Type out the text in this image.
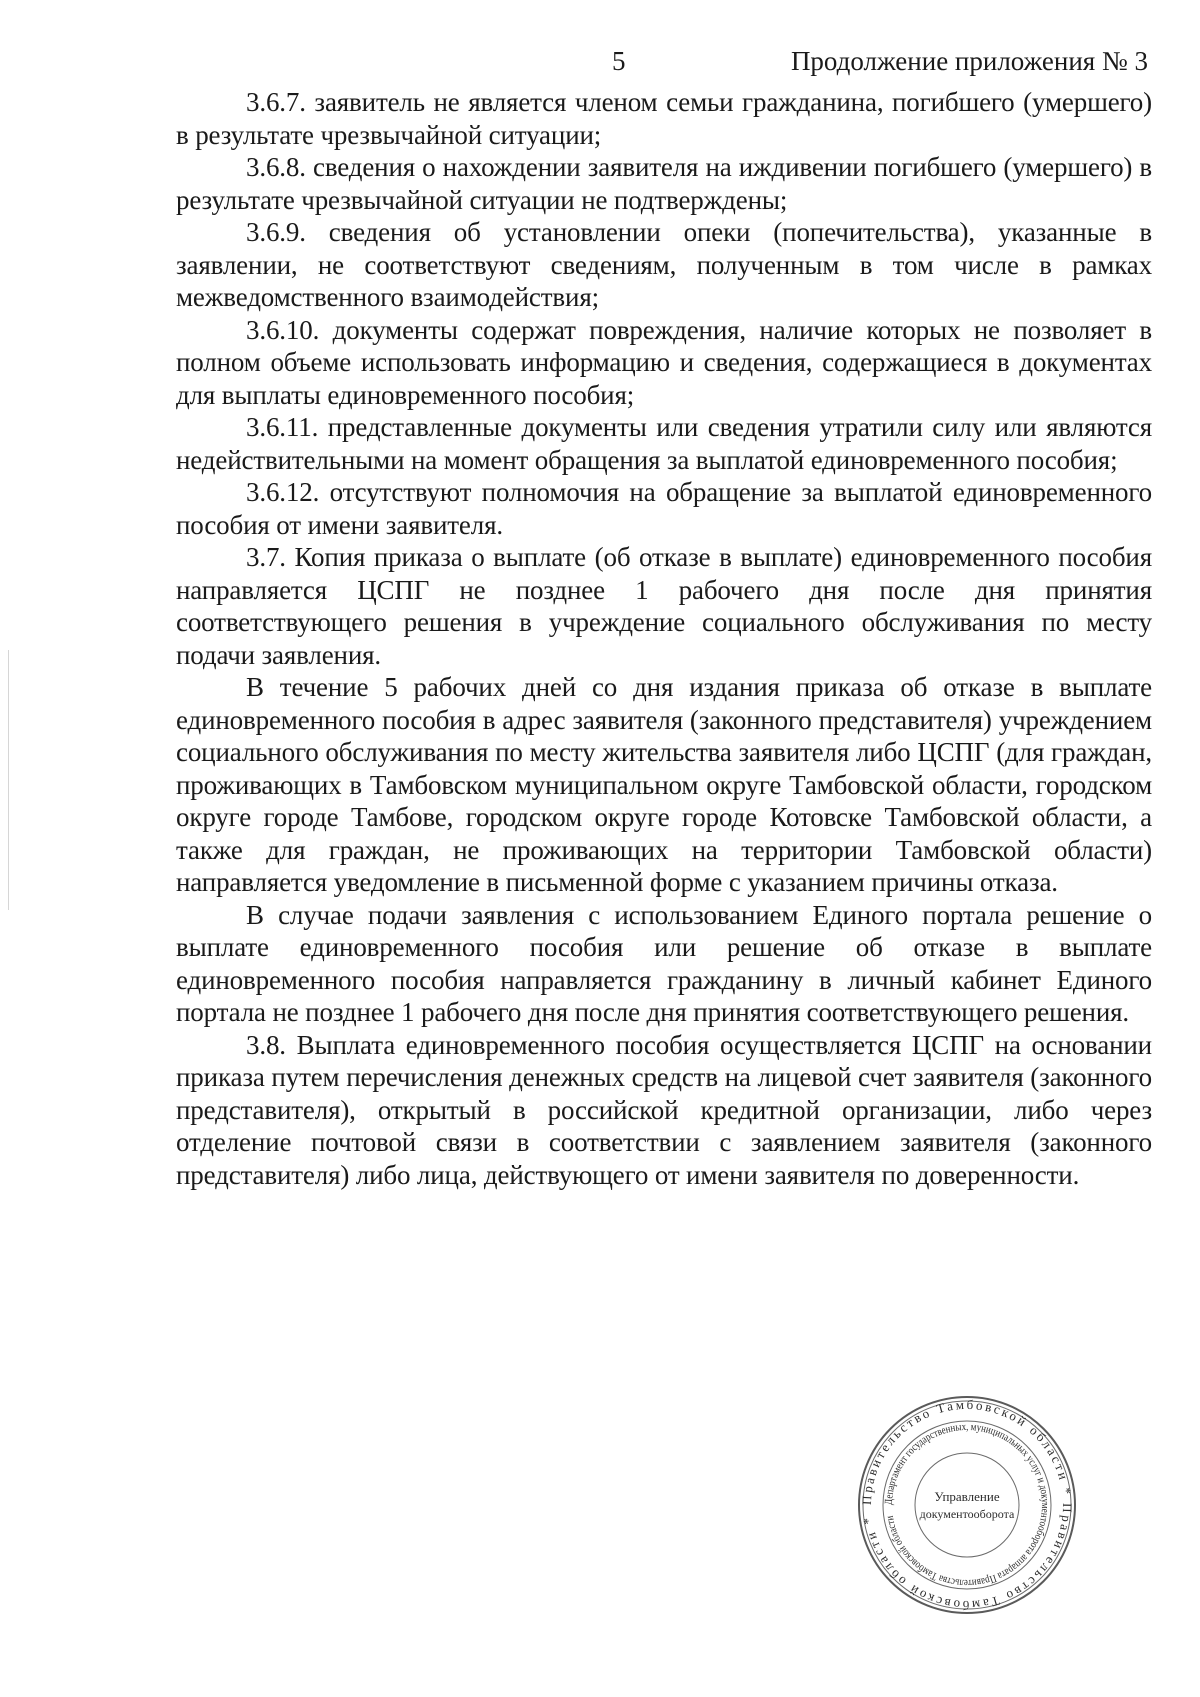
5	Продолжение приложения № 3

3.6.7. заявитель не является членом семьи гражданина, погибшего (умершего) в результате чрезвычайной ситуации;

3.6.8. сведения о нахождении заявителя на иждивении погибшего (умершего) в результате чрезвычайной ситуации не подтверждены;

3.6.9. сведения об установлении опеки (попечительства), указанные в заявлении, не соответствуют сведениям, полученным в том числе в рамках межведомственного взаимодействия;

3.6.10. документы содержат повреждения, наличие которых не позволяет в полном объеме использовать информацию и сведения, содержащиеся в документах для выплаты единовременного пособия;

3.6.11. представленные документы или сведения утратили силу или являются недействительными на момент обращения за выплатой единовременного пособия;

3.6.12. отсутствуют полномочия на обращение за выплатой единовременного пособия от имени заявителя.

3.7. Копия приказа о выплате (об отказе в выплате) единовременного пособия направляется ЦСПГ не позднее 1 рабочего дня после дня принятия соответствующего решения в учреждение социального обслуживания по месту подачи заявления.

В течение 5 рабочих дней со дня издания приказа об отказе в выплате единовременного пособия в адрес заявителя (законного представителя) учреждением социального обслуживания по месту жительства заявителя либо ЦСПГ (для граждан, проживающих в Тамбовском муниципальном округе Тамбовской области, городском округе городе Тамбове, городском округе городе Котовске Тамбовской области, а также для граждан, не проживающих на территории Тамбовской области) направляется уведомление в письменной форме с указанием причины отказа.

В случае подачи заявления с использованием Единого портала решение о выплате единовременного пособия или решение об отказе в выплате единовременного пособия направляется гражданину в личный кабинет Единого портала не позднее 1 рабочего дня после дня принятия соответствующего решения.

3.8. Выплата единовременного пособия осуществляется ЦСПГ на основании приказа путем перечисления денежных средств на лицевой счет заявителя (законного представителя), открытый в российской кредитной организации, либо через отделение почтовой связи в соответствии с заявлением заявителя (законного представителя) либо лица, действующего от имени заявителя по доверенности.

Правительство Тамбовской области * Правительство Тамбовской области *
Департамент государственных, муниципальных услуг и документооборота аппарата Правительства Тамбовской области
Управление
документооборота
